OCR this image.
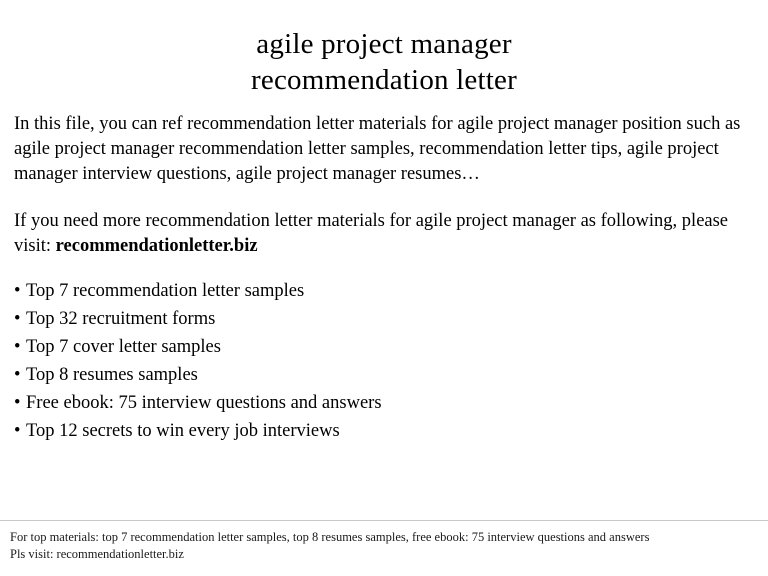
agile project manager
recommendation letter

In this file, you can ref recommendation letter materials for agile project manager position such as agile project manager recommendation letter samples, recommendation letter tips, agile project manager interview questions, agile project manager resumes…

If you need more recommendation letter materials for agile project manager as following, please visit: recommendationletter.biz

• Top 7 recommendation letter samples
• Top 32 recruitment forms
• Top 7 cover letter samples
• Top 8 resumes samples
• Free ebook: 75 interview questions and answers
• Top 12 secrets to win every job interviews
For top materials: top 7 recommendation letter samples, top 8 resumes samples, free ebook: 75 interview questions and answers
Pls visit: recommendationletter.biz
